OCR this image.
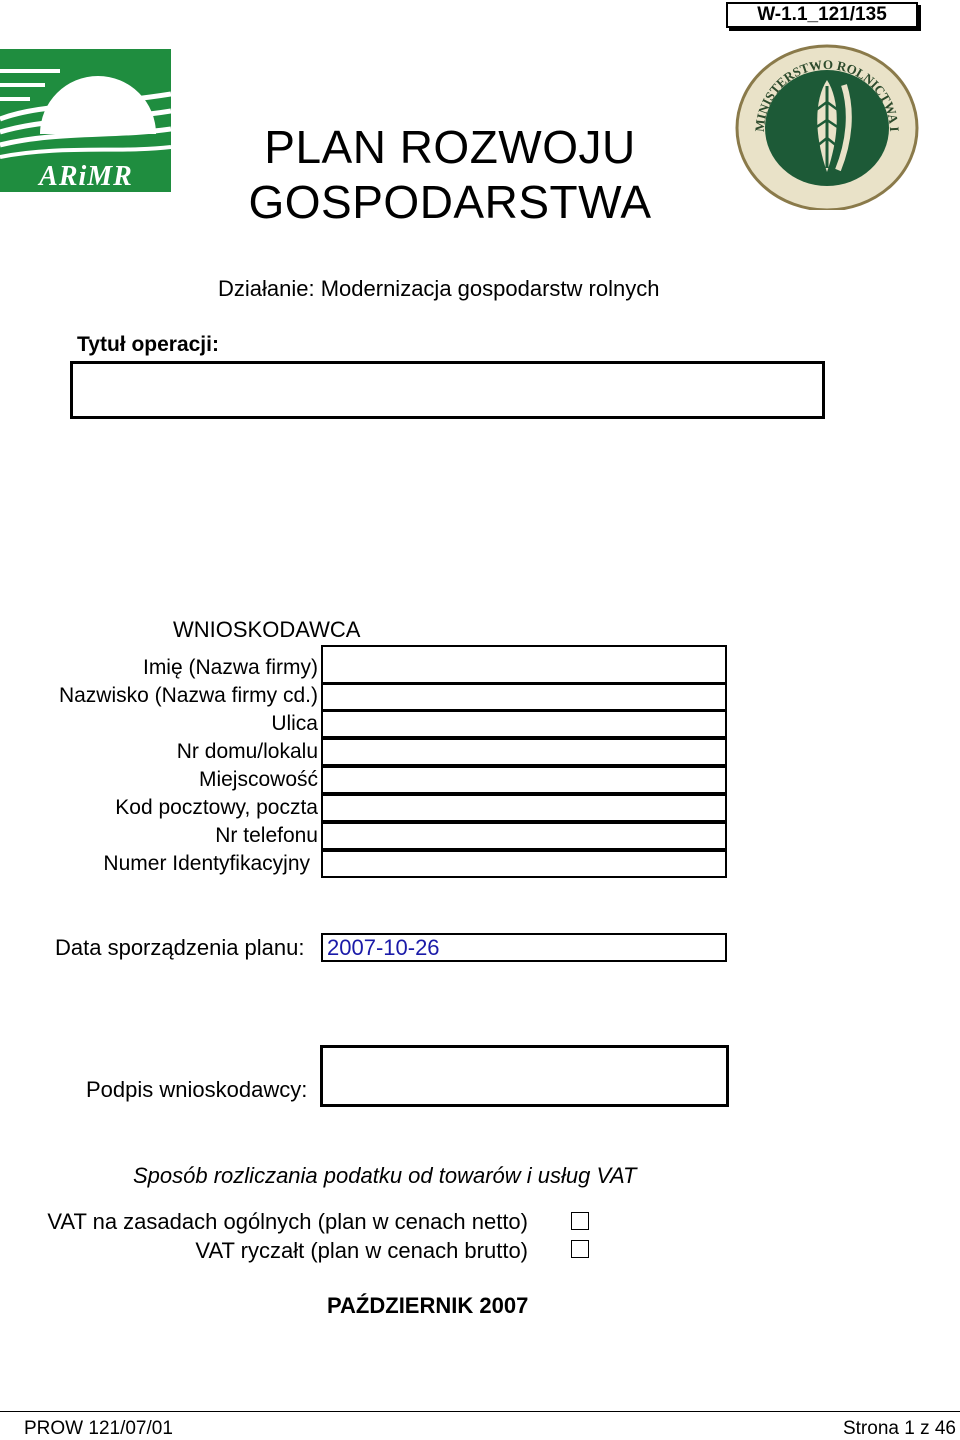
W-1.1_121/135
ARiMR
MINISTERSTWO ROLNICTWA I
PLAN ROZWOJU
GOSPODARSTWA
Działanie: Modernizacja gospodarstw rolnych
Tytuł operacji:
WNIOSKODAWCA
Imię (Nazwa firmy)
Nazwisko (Nazwa firmy cd.)
Ulica
Nr domu/lokalu
Miejscowość
Kod pocztowy, poczta
Nr telefonu
Numer Identyfikacyjny
Data sporządzenia planu: 2007-10-26
Podpis wnioskodawcy:
Sposób rozliczania podatku od towarów i usług VAT
VAT na zasadach ogólnych (plan w cenach netto)
VAT ryczałt (plan w cenach brutto)
PAŹDZIERNIK 2007
PROW 121/07/01	Strona 1 z 46
